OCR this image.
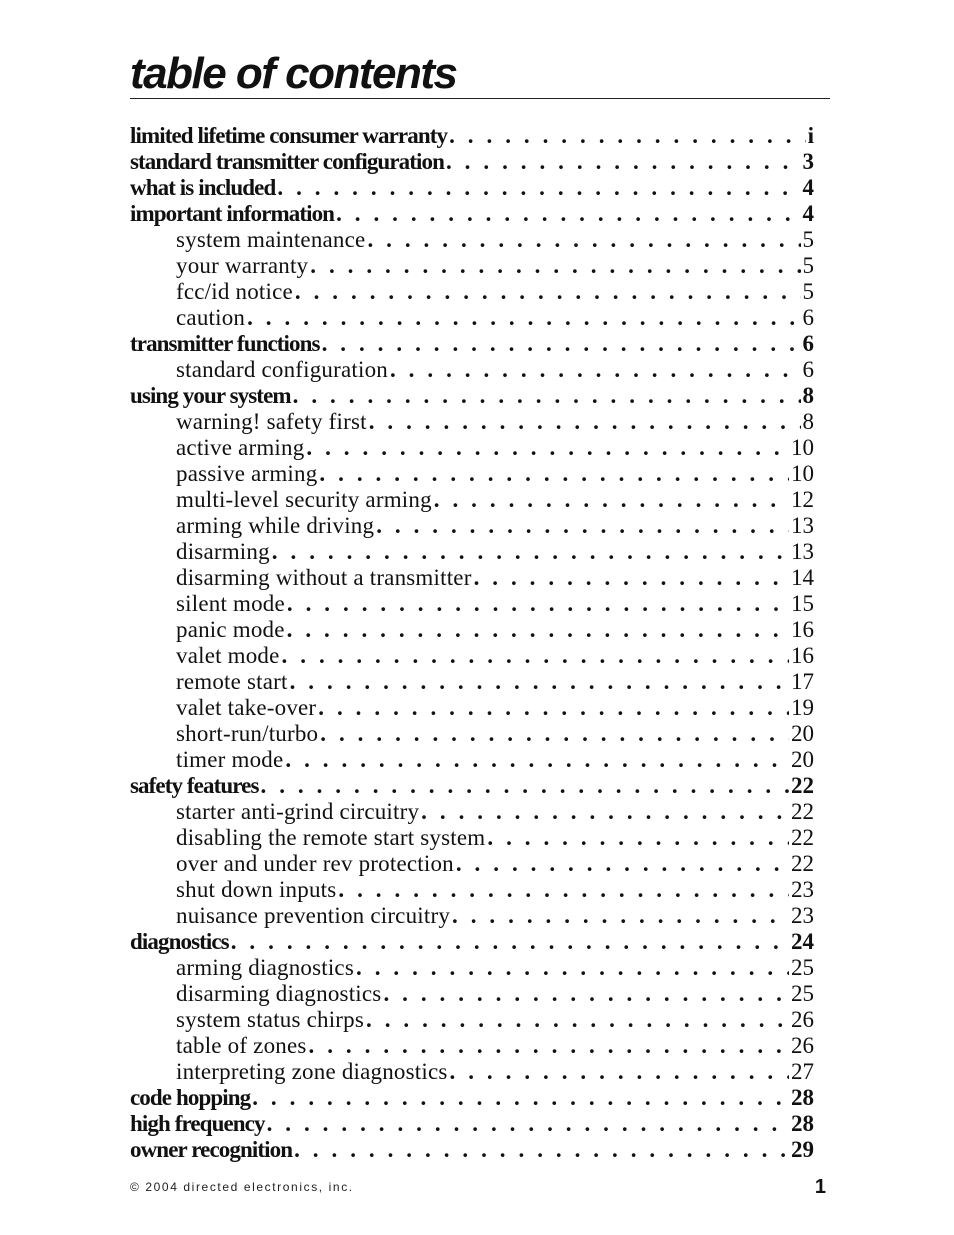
table of contents
limited lifetime consumer warranty . . .	i
standard transmitter configuration . . .	3
what is included . . .	4
important information . . .	4
system maintenance . . .	5
your warranty . . .	5
fcc/id notice . . .	5
caution . . .	6
transmitter functions . . .	6
standard configuration . . .	6
using your system . . .	8
warning! safety first . . .	8
active arming . . .	10
passive arming . . .	10
multi-level security arming . . .	12
arming while driving . . .	13
disarming . . .	13
disarming without a transmitter . . .	14
silent mode . . .	15
panic mode . . .	16
valet mode . . .	16
remote start . . .	17
valet take-over . . .	19
short-run/turbo . . .	20
timer mode . . .	20
safety features . . .	22
starter anti-grind circuitry . . .	22
disabling the remote start system . . .	22
over and under rev protection . . .	22
shut down inputs . . .	23
nuisance prevention circuitry . . .	23
diagnostics . . .	24
arming diagnostics . . .	25
disarming diagnostics . . .	25
system status chirps . . .	26
table of zones . . .	26
interpreting zone diagnostics . . .	27
code hopping . . .	28
high frequency . . .	28
owner recognition . . .	29
© 2004 directed electronics, inc.	1
